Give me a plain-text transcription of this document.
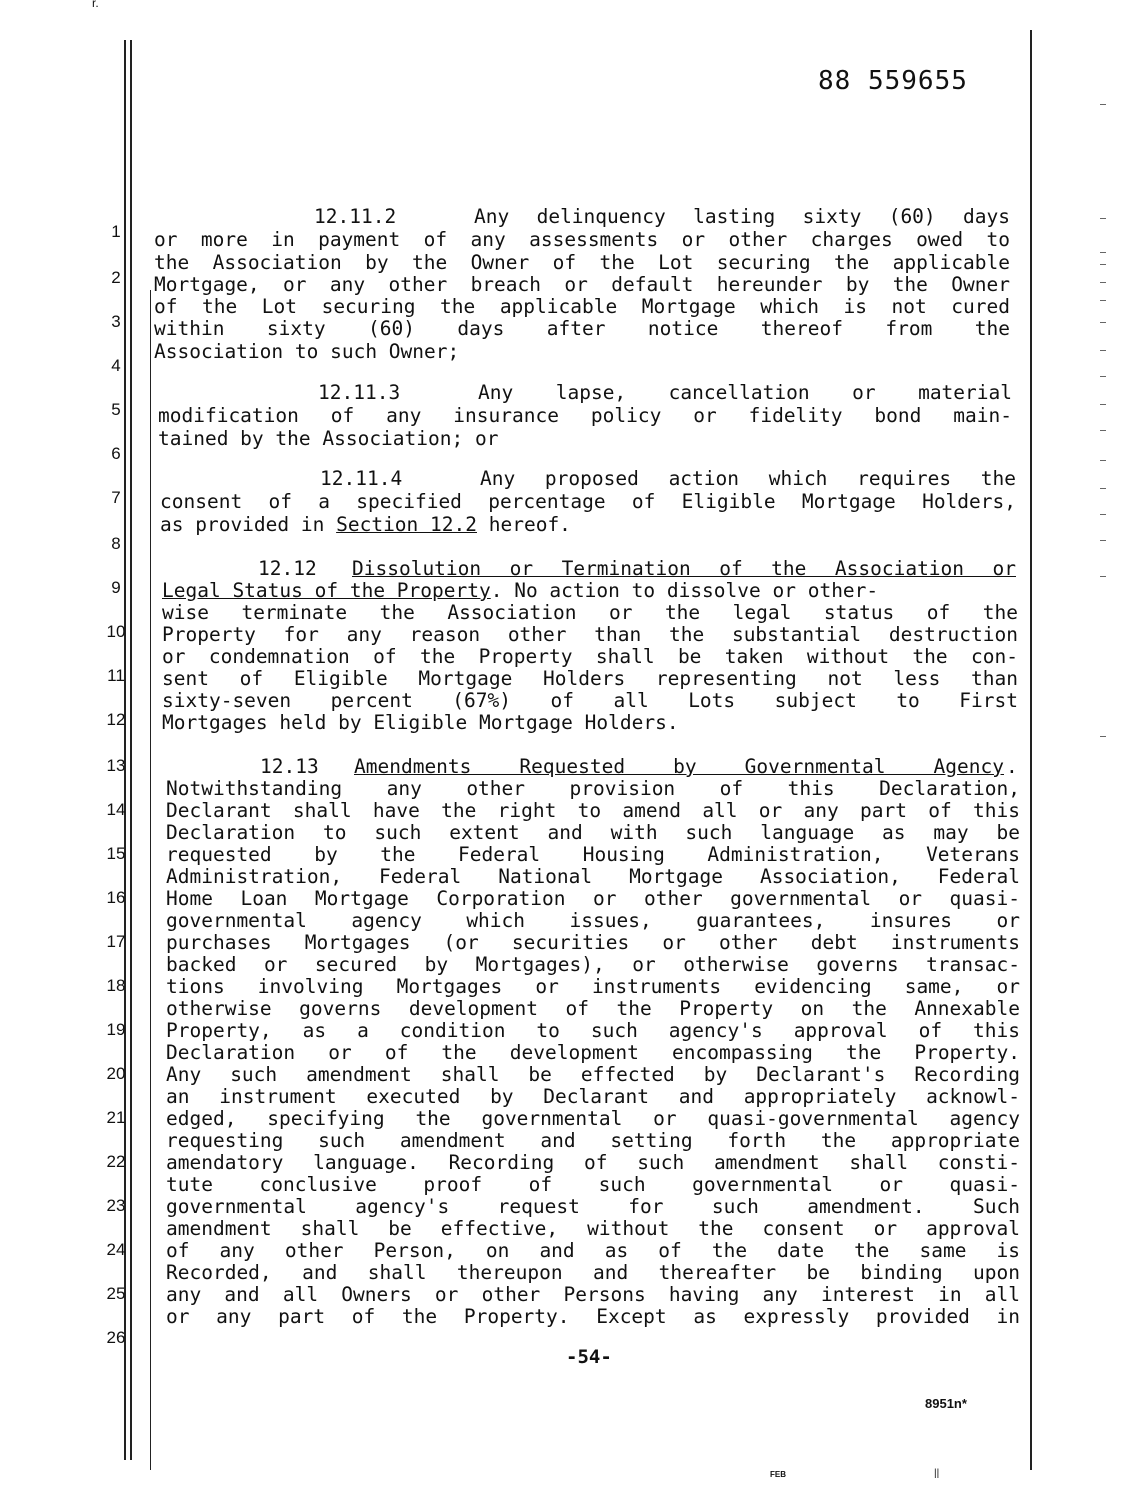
r.
88 559655
1
2
3
4
5
6
7
8
9
10
11
12
13
14
15
16
17
18
19
20
21
22
23
24
25
26
12.11.2	Any delinquency lasting sixty (60) days
or more in payment of any assessments or other charges owed to
the Association by the Owner of the Lot securing the applicable
Mortgage, or any other breach or default hereunder by the Owner
of the Lot securing the applicable Mortgage which is not cured
within sixty (60) days after notice thereof from the
Association to such Owner;
12.11.3	Any lapse, cancellation or material
modification of any insurance policy or fidelity bond main-
tained by the Association; or
12.11.4	Any proposed action which requires the
consent of a specified percentage of Eligible Mortgage Holders,
as provided in Section 12.2 hereof.
12.12 Dissolution or Termination of the Association or
Legal Status of the Property. No action to dissolve or other-
wise terminate the Association or the legal status of the
Property for any reason other than the substantial destruction
or condemnation of the Property shall be taken without the con-
sent of Eligible Mortgage Holders representing not less than
sixty-seven percent (67%) of all Lots subject to First
Mortgages held by Eligible Mortgage Holders.
12.13 Amendments Requested by Governmental Agency .
Notwithstanding any other provision of this Declaration,
Declarant shall have the right to amend all or any part of this
Declaration to such extent and with such language as may be
requested by the Federal Housing Administration, Veterans
Administration, Federal National Mortgage Association, Federal
Home Loan Mortgage Corporation or other governmental or quasi-
governmental agency which issues, guarantees, insures or
purchases Mortgages (or securities or other debt instruments
backed or secured by Mortgages), or otherwise governs transac-
tions involving Mortgages or instruments evidencing same, or
otherwise governs development of the Property on the Annexable
Property, as a condition to such agency's approval of this
Declaration or of the development encompassing the Property.
Any such amendment shall be effected by Declarant's Recording
an instrument executed by Declarant and appropriately acknowl-
edged, specifying the governmental or quasi-governmental agency
requesting such amendment and setting forth the appropriate
amendatory language. Recording of such amendment shall consti-
tute conclusive proof of such governmental or quasi-
governmental agency's request for such amendment. Such
amendment shall be effective, without the consent or approval
of any other Person, on and as of the date the same is
Recorded, and shall thereupon and thereafter be binding upon
any and all Owners or other Persons having any interest in all
or any part of the Property. Except as expressly provided in
-54-
8951n*
FEB	||
